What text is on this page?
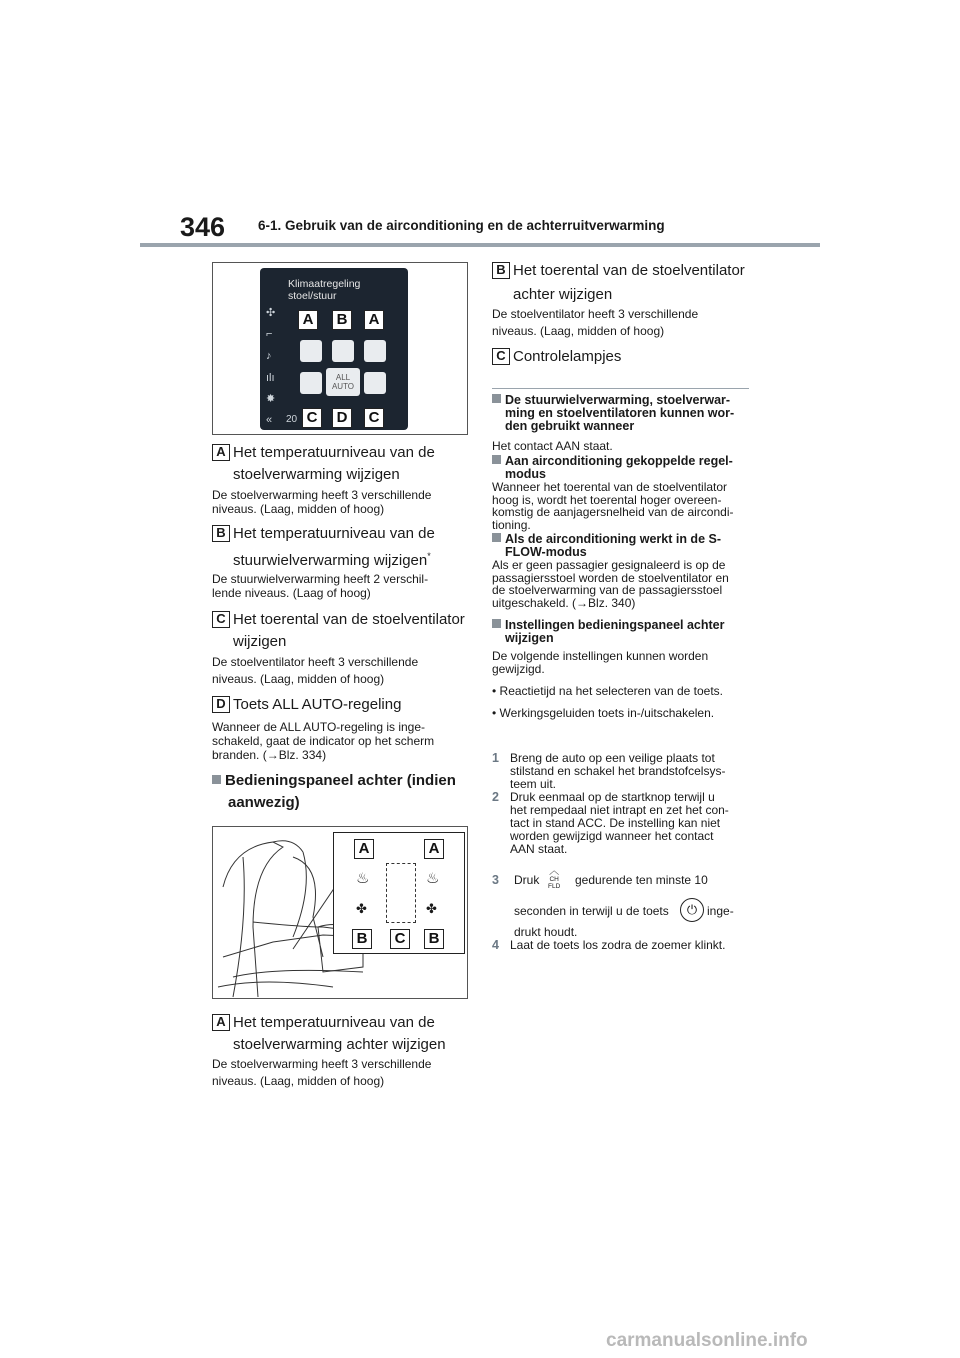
346 6-1. Gebruik van de airconditioning en de achterruitverwarming
Klimaatregeling stoel/stuur
✣
⌐
♪
ılı
✸
«
ALL
AUTO
20
A	B	A
C	D	C
A Het temperatuurniveau van de
stoelverwarming wijzigen
De stoelverwarming heeft 3 verschillende
niveaus. (Laag, midden of hoog)
B Het temperatuurniveau van de
stuurwielverwarming wijzigen*
De stuurwielverwarming heeft 2 verschil-
lende niveaus. (Laag of hoog)
C Het toerental van de stoelventilator
wijzigen
De stoelventilator heeft 3 verschillende
niveaus. (Laag, midden of hoog)
D Toets ALL AUTO-regeling
Wanneer de ALL AUTO-regeling is inge-
schakeld, gaat de indicator op het scherm
branden. (→Blz. 334)
Bedieningspaneel achter (indien
aanwezig)
A	A
♨	♨
✤	✤
B	C	B
A Het temperatuurniveau van de
stoelverwarming achter wijzigen
De stoelverwarming heeft 3 verschillende
niveaus. (Laag, midden of hoog)
B Het toerental van de stoelventilator
achter wijzigen
De stoelventilator heeft 3 verschillende
niveaus. (Laag, midden of hoog)
C Controlelampjes
De stuurwielverwarming, stoelverwar-
ming en stoelventilatoren kunnen wor-
den gebruikt wanneer
Het contact AAN staat.
Aan airconditioning gekoppelde regel-
modus
Wanneer het toerental van de stoelventilator
hoog is, wordt het toerental hoger overeen-
komstig de aanjagersnelheid van de aircondi-
tioning.
Als de airconditioning werkt in de S-
FLOW-modus
Als er geen passagier gesignaleerd is op de
passagiersstoel worden de stoelventilator en
de stoelverwarming van de passagiersstoel
uitgeschakeld. (→Blz. 340)
Instellingen bedieningspaneel achter
wijzigen
De volgende instellingen kunnen worden
gewijzigd.
• Reactietijd na het selecteren van de toets.
• Werkingsgeluiden toets in-/uitschakelen.
1 Breng de auto op een veilige plaats tot
stilstand en schakel het brandstofcelsys-
teem uit.
2 Druk eenmaal op de startknop terwijl u
het rempedaal niet intrapt en zet het con-
tact in stand ACC. De instelling kan niet
worden gewijzigd wanneer het contact
AAN staat.
3 Druk
︿
CH
FLD gedurende ten minste 10
seconden in terwijl u de toets	⏻ inge-
drukt houdt.
4 Laat de toets los zodra de zoemer klinkt.
carmanualsonline.info
